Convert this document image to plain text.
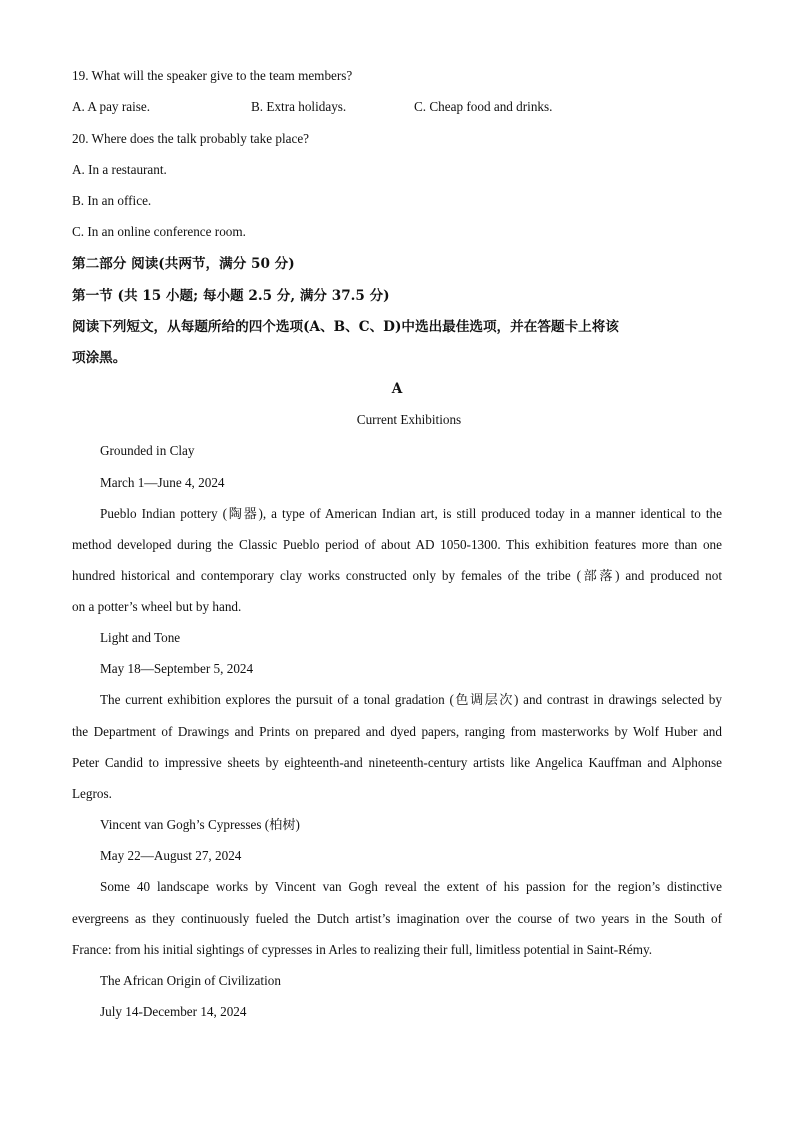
19. What will the speaker give to the team members?
A. A pay raise.	B. Extra holidays.	C. Cheap food and drinks.
20. Where does the talk probably take place?
A. In a restaurant.
B. In an office.
C. In an online conference room.
第二部分 阅读(共两节，满分 50 分)
第一节 (共 15 小题; 每小题 2.5 分, 满分 37.5 分)
阅读下列短文，从每题所给的四个选项(A、B、C、D)中选出最佳选项，并在答题卡上将该
项涂黑。
A
Current Exhibitions
Grounded in Clay
March 1—June 4, 2024
Pueblo Indian pottery (陶器), a type of American Indian art, is still produced today in a manner identical to the
method developed during the Classic Pueblo period of about AD 1050-1300. This exhibition features more than one
hundred historical and contemporary clay works constructed only by females of the tribe (部落) and produced not
on a potter’s wheel but by hand.
Light and Tone
May 18—September 5, 2024
The current exhibition explores the pursuit of a tonal gradation (色调层次) and contrast in drawings selected by
the Department of Drawings and Prints on prepared and dyed papers, ranging from masterworks by Wolf Huber and
Peter Candid to impressive sheets by eighteenth-and nineteenth-century artists like Angelica Kauffman and Alphonse
Legros.
Vincent van Gogh’s Cypresses (柏树)
May 22—August 27, 2024
Some 40 landscape works by Vincent van Gogh reveal the extent of his passion for the region’s distinctive
evergreens as they continuously fueled the Dutch artist’s imagination over the course of two years in the South of
France: from his initial sightings of cypresses in Arles to realizing their full, limitless potential in Saint-Rémy.
The African Origin of Civilization
July 14-December 14, 2024
